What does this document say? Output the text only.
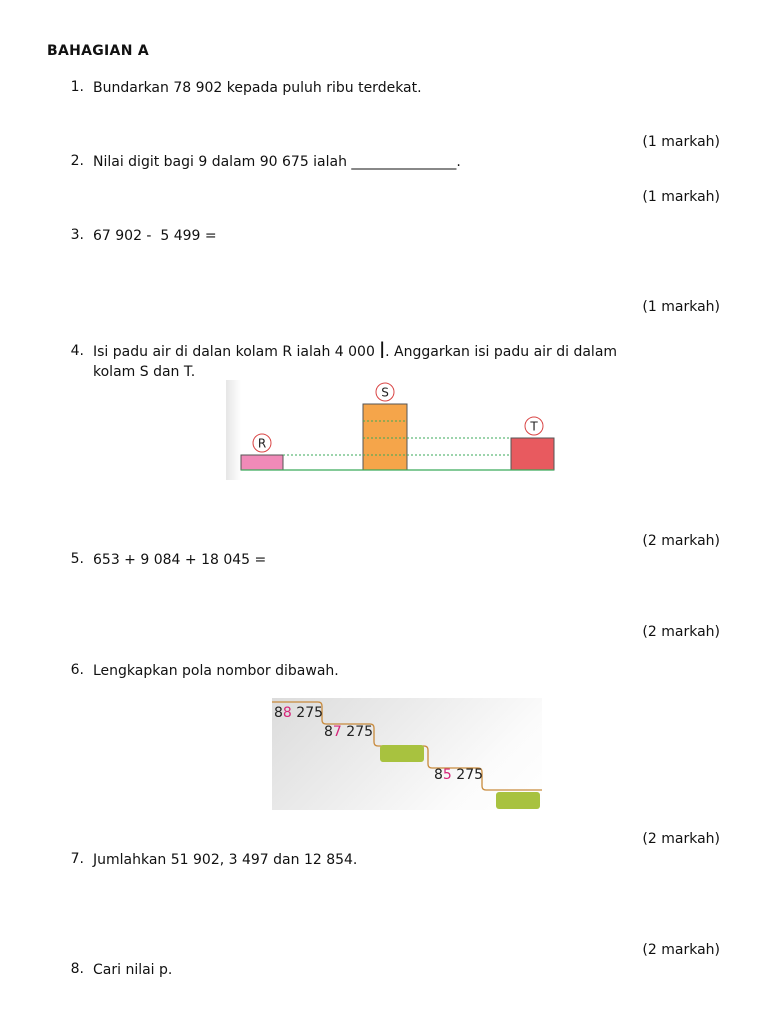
BAHAGIAN A
1. Bundarkan 78 902 kepada puluh ribu terdekat.
(1 markah)
2. Nilai digit bagi 9 dalam 90 675 ialah _______________.
(1 markah)
3. 67 902 -  5 499 =
(1 markah)
4. Isi padu air di dalan kolam R ialah 4 000 l. Anggarkan isi padu air di dalam
kolam S dan T.
R
S
T
(2 markah)
5. 653 + 9 084 + 18 045 =
(2 markah)
6. Lengkapkan pola nombor dibawah.
88 275
87 275
85 275
(2 markah)
7. Jumlahkan 51 902, 3 497 dan 12 854.
(2 markah)
8. Cari nilai p.
